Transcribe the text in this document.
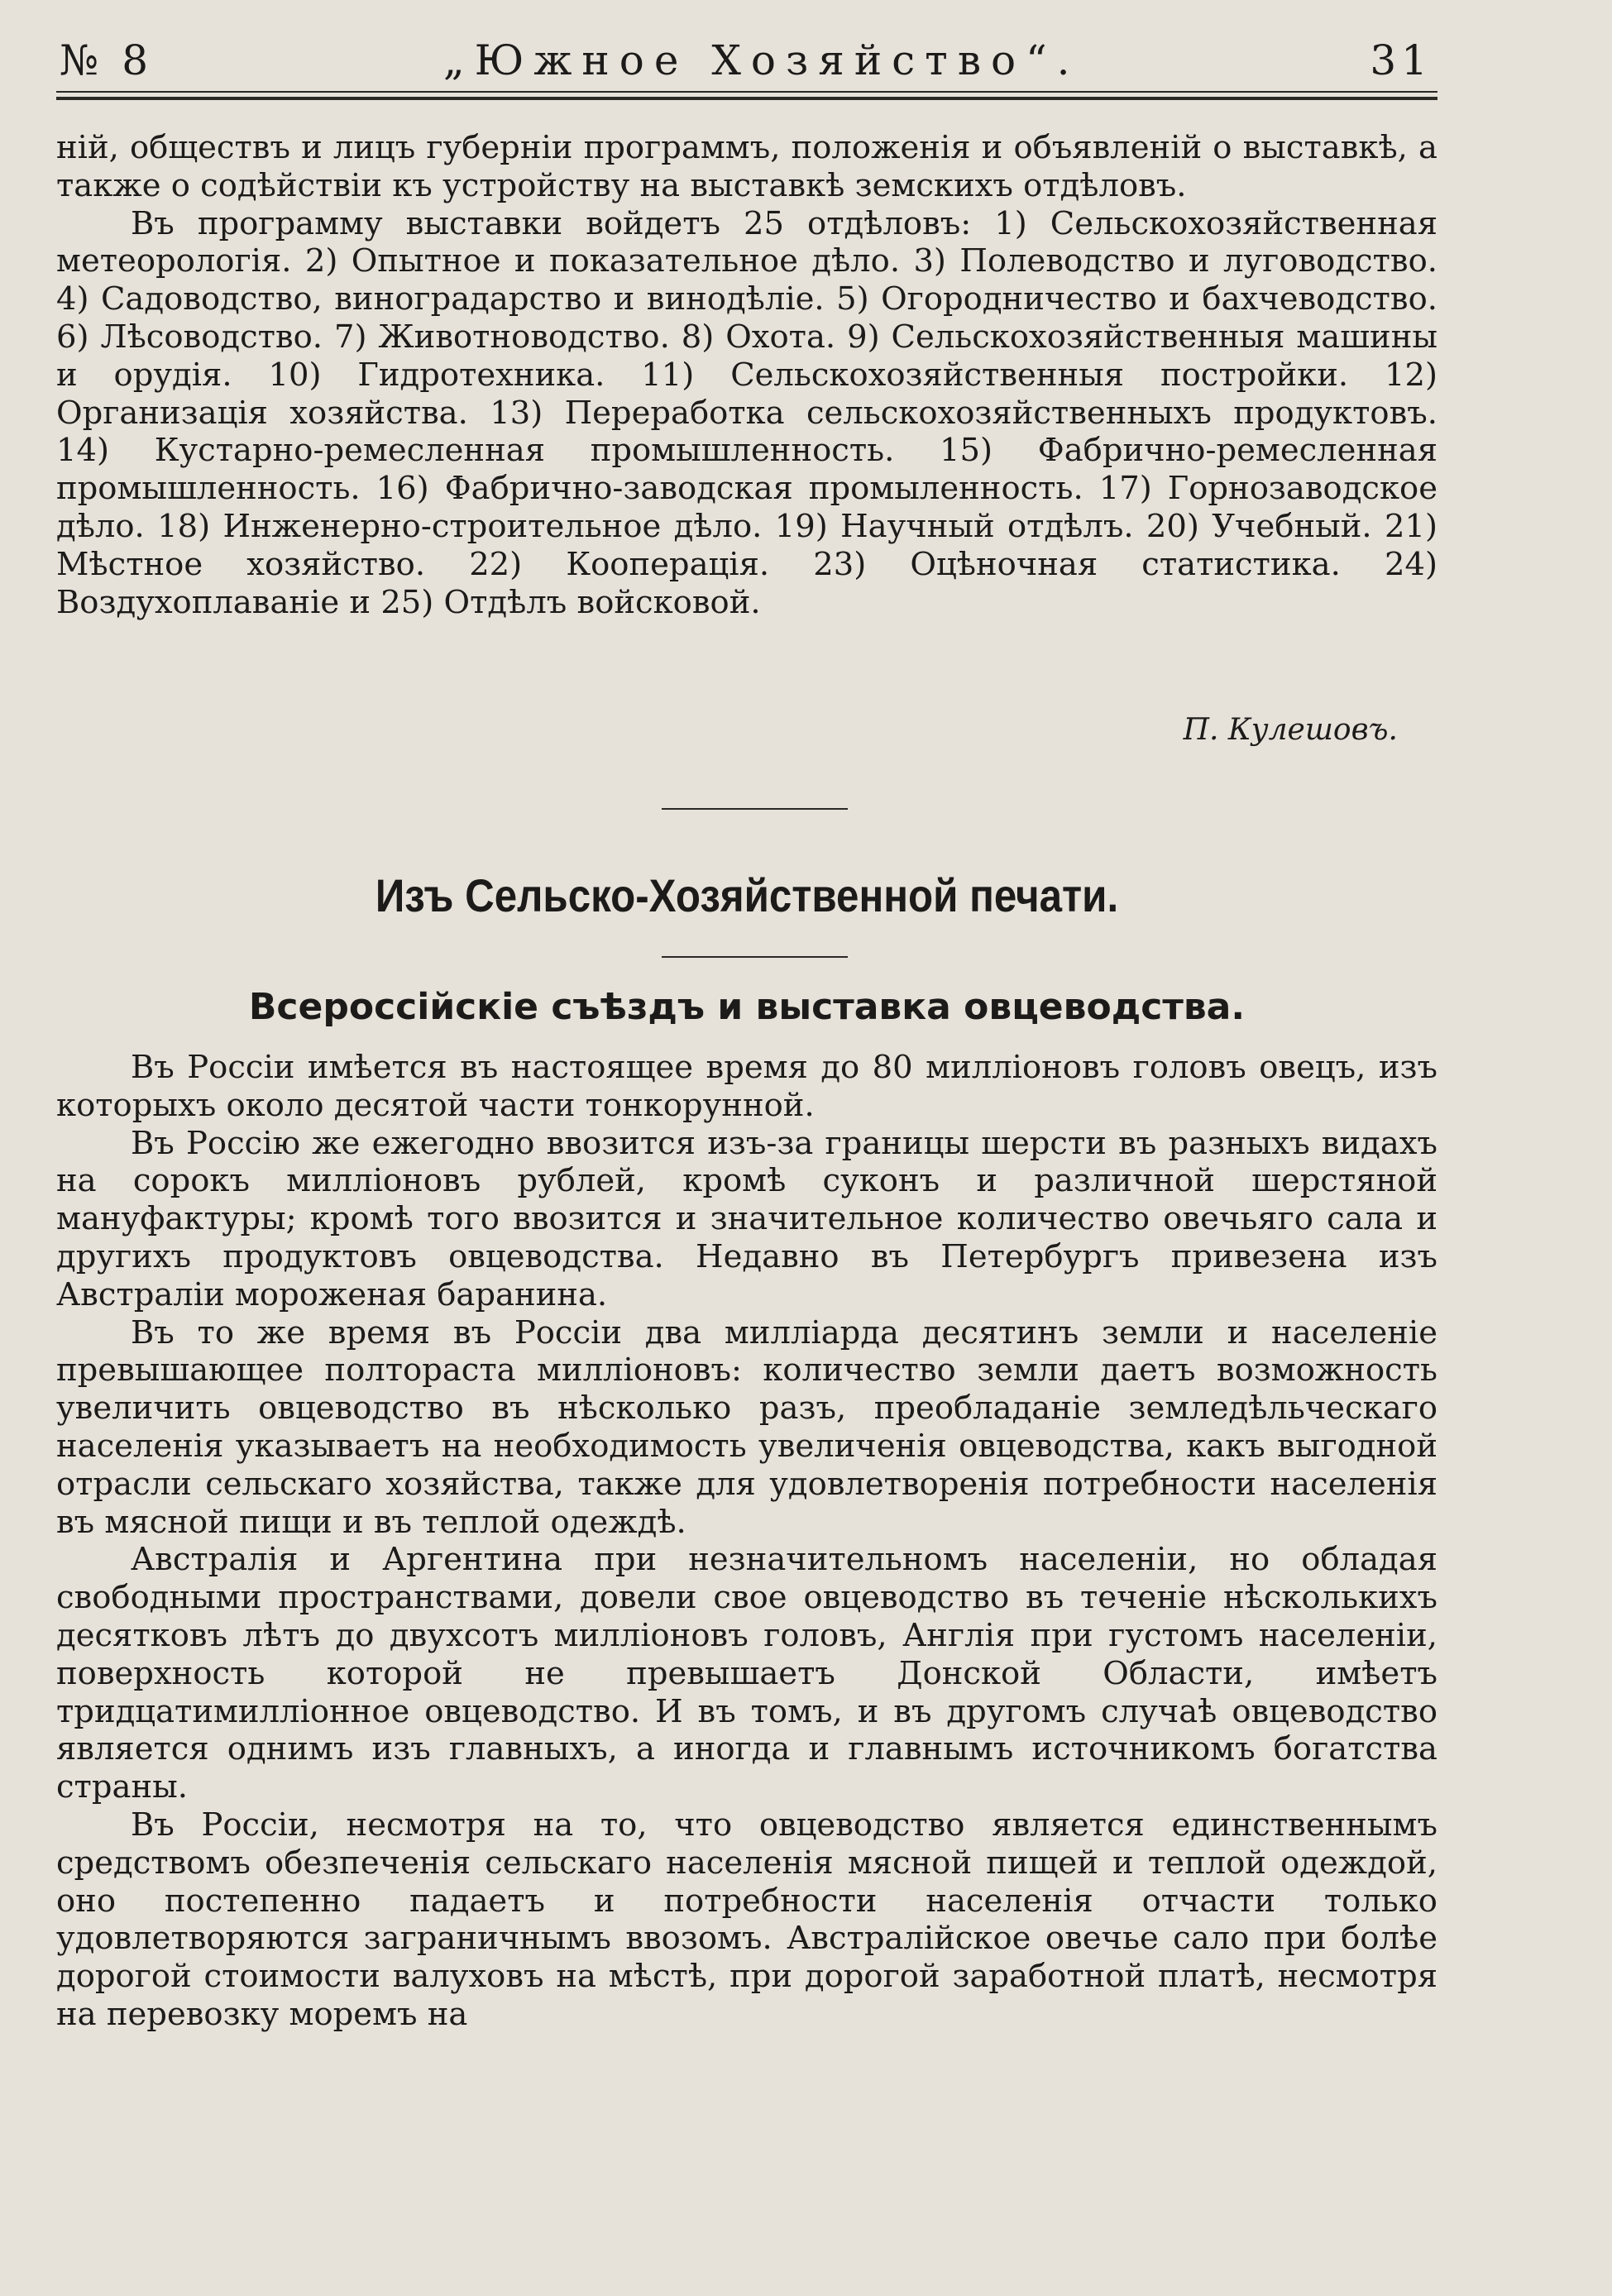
№ 8	„Южное Хозяйство“.	31

ній, обществъ и лицъ губерніи программъ, положенія и объявленій о выставкѣ, а также о содѣйствіи къ устройству на выставкѣ земскихъ отдѣловъ.

Въ программу выставки войдетъ 25 отдѣловъ: 1) Сельскохозяйственная метеорологія. 2) Опытное и показательное дѣло. 3) Полеводство и луговодство. 4) Садоводство, виноградарство и винодѣліе. 5) Огородничество и бахчеводство. 6) Лѣсоводство. 7) Животноводство. 8) Охота. 9) Сельскохозяйственныя машины и орудія. 10) Гидротехника. 11) Сельскохозяйственныя постройки. 12) Организація хозяйства. 13) Переработка сельскохозяйственныхъ продуктовъ. 14) Кустарно-ремесленная промышленность. 15) Фабрично-ремесленная промышленность. 16) Фабрично-заводская промыленность. 17) Горнозаводское дѣло. 18) Инженерно-строительное дѣло. 19) Научный отдѣлъ. 20) Учебный. 21) Мѣстное хозяйство. 22) Кооперація. 23) Оцѣночная статистика. 24) Воздухоплаваніе и 25) Отдѣлъ войсковой.

П. Кулешовъ.
Изъ Сельско-Хозяйственной печати.
Всероссійскіе съѣздъ и выставка овцеводства.

Въ Россіи имѣется въ настоящее время до 80 милліоновъ головъ овецъ, изъ которыхъ около десятой части тонкорунной.

Въ Россію же ежегодно ввозится изъ-за границы шерсти въ разныхъ видахъ на сорокъ милліоновъ рублей, кромѣ суконъ и различной шерстяной мануфактуры; кромѣ того ввозится и значительное количество овечьяго сала и другихъ продуктовъ овцеводства. Недавно въ Петербургъ привезена изъ Австраліи мороженая баранина.

Въ то же время въ Россіи два милліарда десятинъ земли и населеніе превышающее полтораста милліоновъ: количество земли даетъ возможность увеличить овцеводство въ нѣсколько разъ, преобладаніе земледѣльческаго населенія указываетъ на необходимость увеличенія овцеводства, какъ выгодной отрасли сельскаго хозяйства, также для удовлетворенія потребности населенія въ мясной пищи и въ теплой одеждѣ.

Австралія и Аргентина при незначительномъ населеніи, но обладая свободными пространствами, довели свое овцеводство въ теченіе нѣсколькихъ десятковъ лѣтъ до двухсотъ милліоновъ головъ, Англія при густомъ населеніи, поверхность которой не превышаетъ Донской Области, имѣетъ тридцатимилліонное овцеводство. И въ томъ, и въ другомъ случаѣ овцеводство является однимъ изъ главныхъ, а иногда и главнымъ источникомъ богатства страны.

Въ Россіи, несмотря на то, что овцеводство является единственнымъ средствомъ обезпеченія сельскаго населенія мясной пищей и теплой одеждой, оно постепенно падаетъ и потребности населенія отчасти только удовлетворяются заграничнымъ ввозомъ. Австралійское овечье сало при болѣе дорогой стоимости валуховъ на мѣстѣ, при дорогой заработной платѣ, несмотря на перевозку моремъ на
